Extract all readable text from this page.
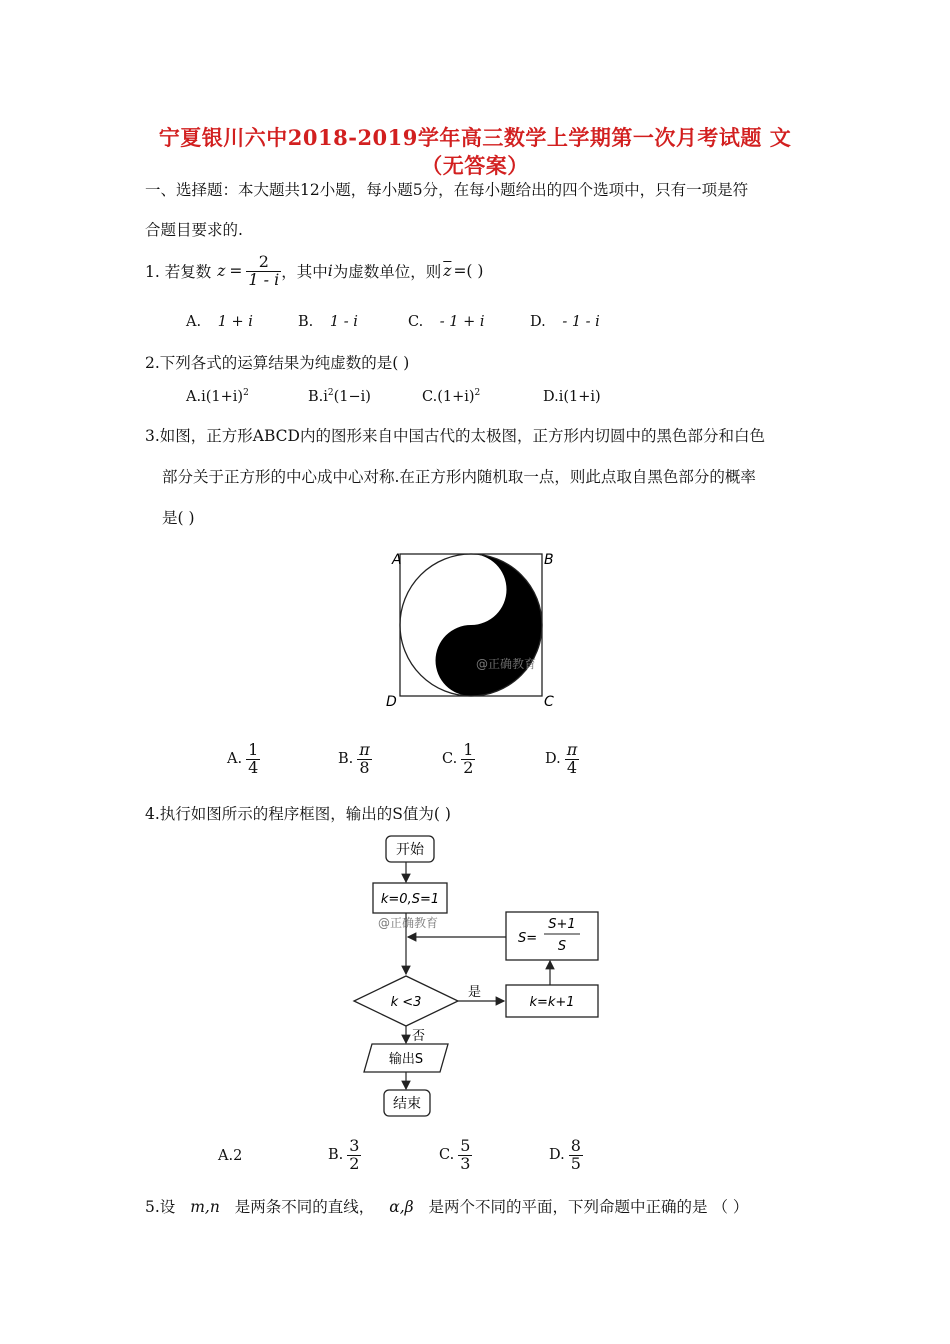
宁夏银川六中2018-2019学年高三数学上学期第一次月考试题 文
（无答案）
一、选择题：本大题共12小题，每小题5分，在每小题给出的四个选项中，只有一项是符
合题目要求的.
1. 若复数 $z = \frac{2}{1 - i}$ ，其中 i 为虚数单位，则 $\overline{z}$ =( )
A. 1 + i	B. 1 - i	C. - 1 + i	D. - 1 - i
2.下列各式的运算结果为纯虚数的是( )
$A.i(1+i)^2$	$B.i^2(1-i)$	$C.(1+i)^2$	D.i(1+i)
3.如图，正方形ABCD内的图形来自中国古代的太极图，正方形内切圆中的黑色部分和白色
部分关于正方形的中心成中心对称.在正方形内随机取一点，则此点取自黑色部分的概率
是( )
A	B
C
D
@正确教育
A. $\frac{1}{4}$	B. $\frac{\pi}{8}$	C. $\frac{1}{2}$	D. $\frac{\pi}{4}$
4.执行如图所示的程序框图，输出的S值为( )
开始
k=0,S=1
@正确教育
S=
S+1
S
k <3
是
k=k+1
否
输出S
结束
A.2	B. $\frac{3}{2}$	C. $\frac{5}{3}$	D. $\frac{8}{5}$
5.设 m,n 是两条不同的直线， α,β 是两个不同的平面，下列命题中正确的是 （ ）
